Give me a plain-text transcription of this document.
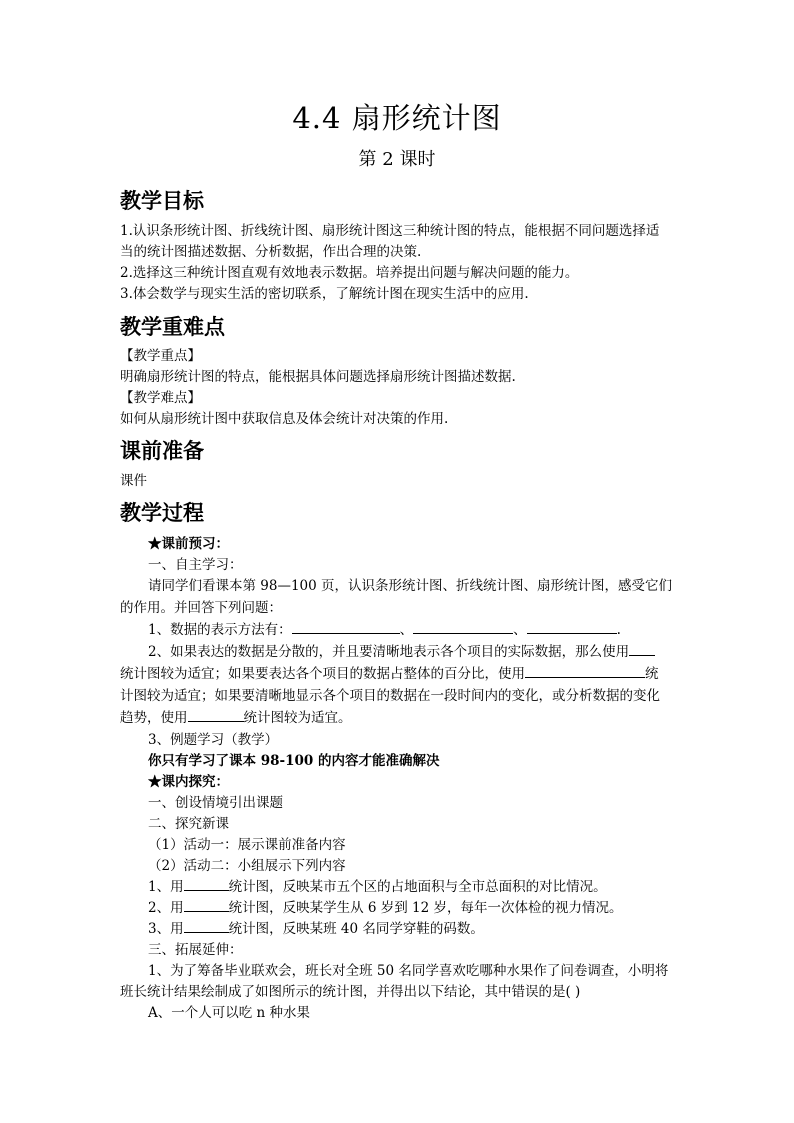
4.4 扇形统计图
第 2 课时
教学目标
1.认识条形统计图、折线统计图、扇形统计图这三种统计图的特点，能根据不同问题选择适
当的统计图描述数据、分析数据，作出合理的决策.
2.选择这三种统计图直观有效地表示数据。培养提出问题与解决问题的能力。
3.体会数学与现实生活的密切联系，了解统计图在现实生活中的应用.
教学重难点
【教学重点】
明确扇形统计图的特点，能根据具体问题选择扇形统计图描述数据.
【教学难点】
如何从扇形统计图中获取信息及体会统计对决策的作用.
课前准备
课件
教学过程
★课前预习：
一、自主学习：
请同学们看课本第 98—100 页，认识条形统计图、折线统计图、扇形统计图，感受它们
的作用。并回答下列问题：
1、数据的表示方法有：	、	、	.
2、如果表达的数据是分散的，并且要清晰地表示各个项目的实际数据，那么使用
统计图较为适宜；如果要表达各个项目的数据占整体的百分比，使用	统
计图较为适宜；如果要清晰地显示各个项目的数据在一段时间内的变化，或分析数据的变化
趋势，使用	统计图较为适宜。
3、例题学习（教学）
你只有学习了课本 98-100 的内容才能准确解决
★课内探究：
一、创设情境引出课题
二、探究新课
（1）活动一：展示课前准备内容
（2）活动二：小组展示下列内容
1、用	统计图，反映某市五个区的占地面积与全市总面积的对比情况。
2、用	统计图，反映某学生从 6 岁到 12 岁，每年一次体检的视力情况。
3、用	统计图，反映某班 40 名同学穿鞋的码数。
三、拓展延伸：
1、为了筹备毕业联欢会，班长对全班 50 名同学喜欢吃哪种水果作了问卷调查，小明将
班长统计结果绘制成了如图所示的统计图，并得出以下结论，其中错误的是( )
A、一个人可以吃 n 种水果
